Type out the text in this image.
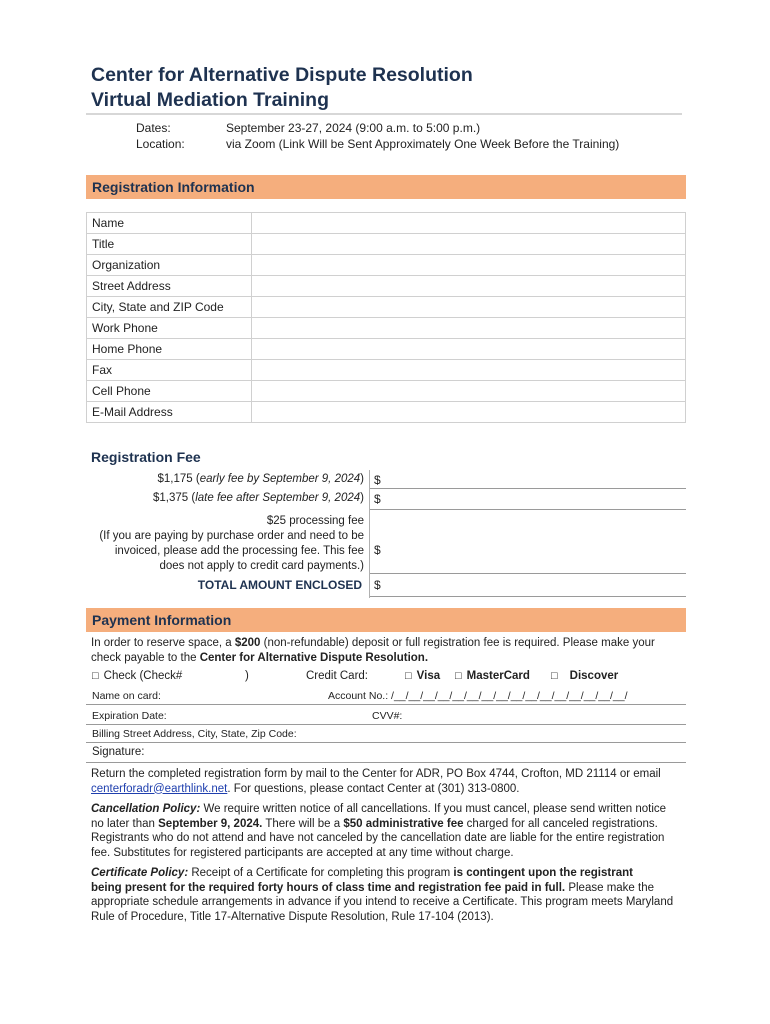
Center for Alternative Dispute Resolution
Virtual Mediation Training
Dates:	September 23-27, 2024 (9:00 a.m. to 5:00 p.m.)
Location:	via Zoom (Link Will be Sent Approximately One Week Before the Training)
Registration Information
Name	
Title	
Organization	
Street Address	
City, State and ZIP Code	
Work Phone	
Home Phone	
Fax	
Cell Phone	
E-Mail Address	
Registration Fee
$1,175 (early fee by September 9, 2024) $
$1,375 (late fee after September 9, 2024) $
$25 processing fee
(If you are paying by purchase order and need to be
invoiced, please add the processing fee. This fee
does not apply to credit card payments.)
$
TOTAL AMOUNT ENCLOSED $
Payment Information
In order to reserve space, a $200 (non-refundable) deposit or full registration fee is required. Please make your
check payable to the Center for Alternative Dispute Resolution.
□ Check (Check#	)	Credit Card:	□ Visa □ MasterCard □ Discover
Name on card:	Account No.: /__/__/__/__/__/__/__/__/__/__/__/__/__/__/__/__/
Expiration Date:	CVV#:
Billing Street Address, City, State, Zip Code:
Signature:
Return the completed registration form by mail to the Center for ADR, PO Box 4744, Crofton, MD 21114 or email
centerforadr@earthlink.net. For questions, please contact Center at (301) 313-0800.
Cancellation Policy: We require written notice of all cancellations. If you must cancel, please send written notice
no later than September 9, 2024. There will be a $50 administrative fee charged for all canceled registrations.
Registrants who do not attend and have not canceled by the cancellation date are liable for the entire registration
fee. Substitutes for registered participants are accepted at any time without charge.
Certificate Policy: Receipt of a Certificate for completing this program is contingent upon the registrant
being present for the required forty hours of class time and registration fee paid in full. Please make the
appropriate schedule arrangements in advance if you intend to receive a Certificate. This program meets Maryland
Rule of Procedure, Title 17-Alternative Dispute Resolution, Rule 17-104 (2013).
